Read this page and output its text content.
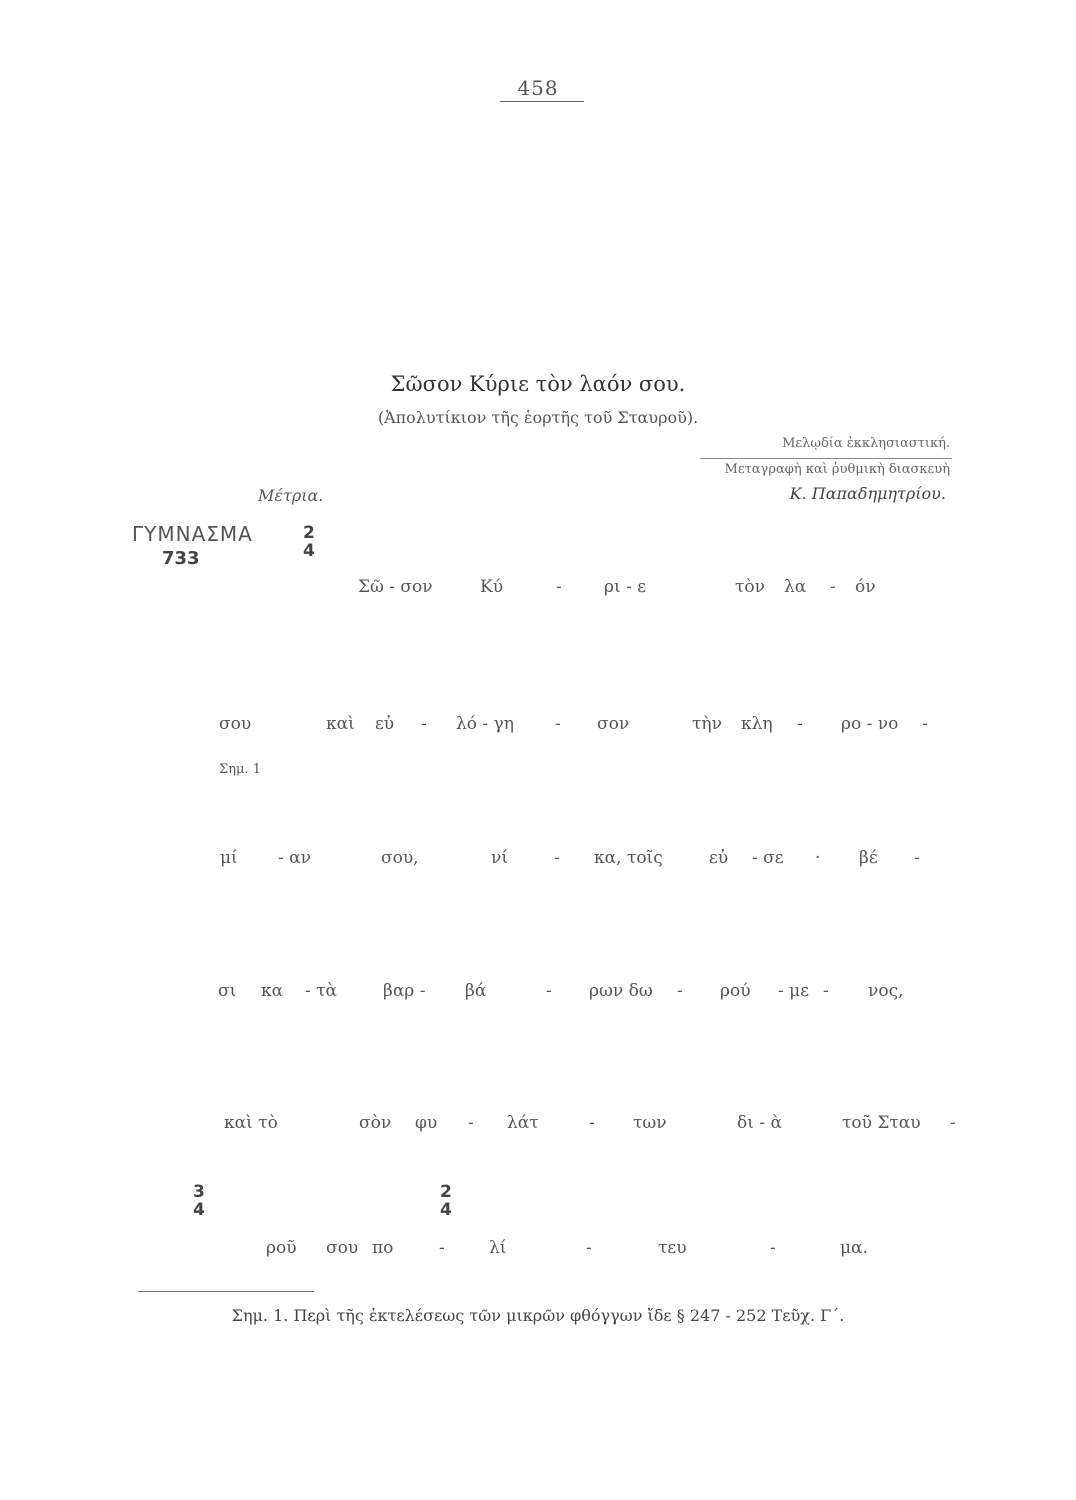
458
Σῶσον Κύριε τὸν λαόν σου.
(Ἀπολυτίκιον τῆς ἑορτῆς τοῦ Σταυροῦ).
Μελῳδία ἐκκλησιαστική.
Μεταγραφὴ καὶ ῥυθμικὴ διασκευὴ
Κ. Παπαδημητρίου.
Μέτρια.
ΓΥΜΝΑΣΜΑ
733
Σημ. 1
Σῶ - σον	Κύ	- ρι - ε	τὸν λα - όν
σου	καὶ εὐ - λό - γη - σον	τὴν κλη - ρο - νο -
μί - αν	σου,	νί	- κα, τοῖς	εὐ - σε · βέ -
σι κα - τὰ	βαρ - βά	- ρων δω - ρού - με - νος,
καὶ τὸ	σὸν φυ - λάτ	- των	δι - ὰ	τοῦ Σταυ -
ροῦ σου πο	-	λί	-	τευ	-	μα.
Σημ. 1. Περὶ τῆς ἐκτελέσεως τῶν μικρῶν φθόγγων ἴδε § 247 - 252 Τεῦχ. Γ΄.
2
4
3
4
2
4
